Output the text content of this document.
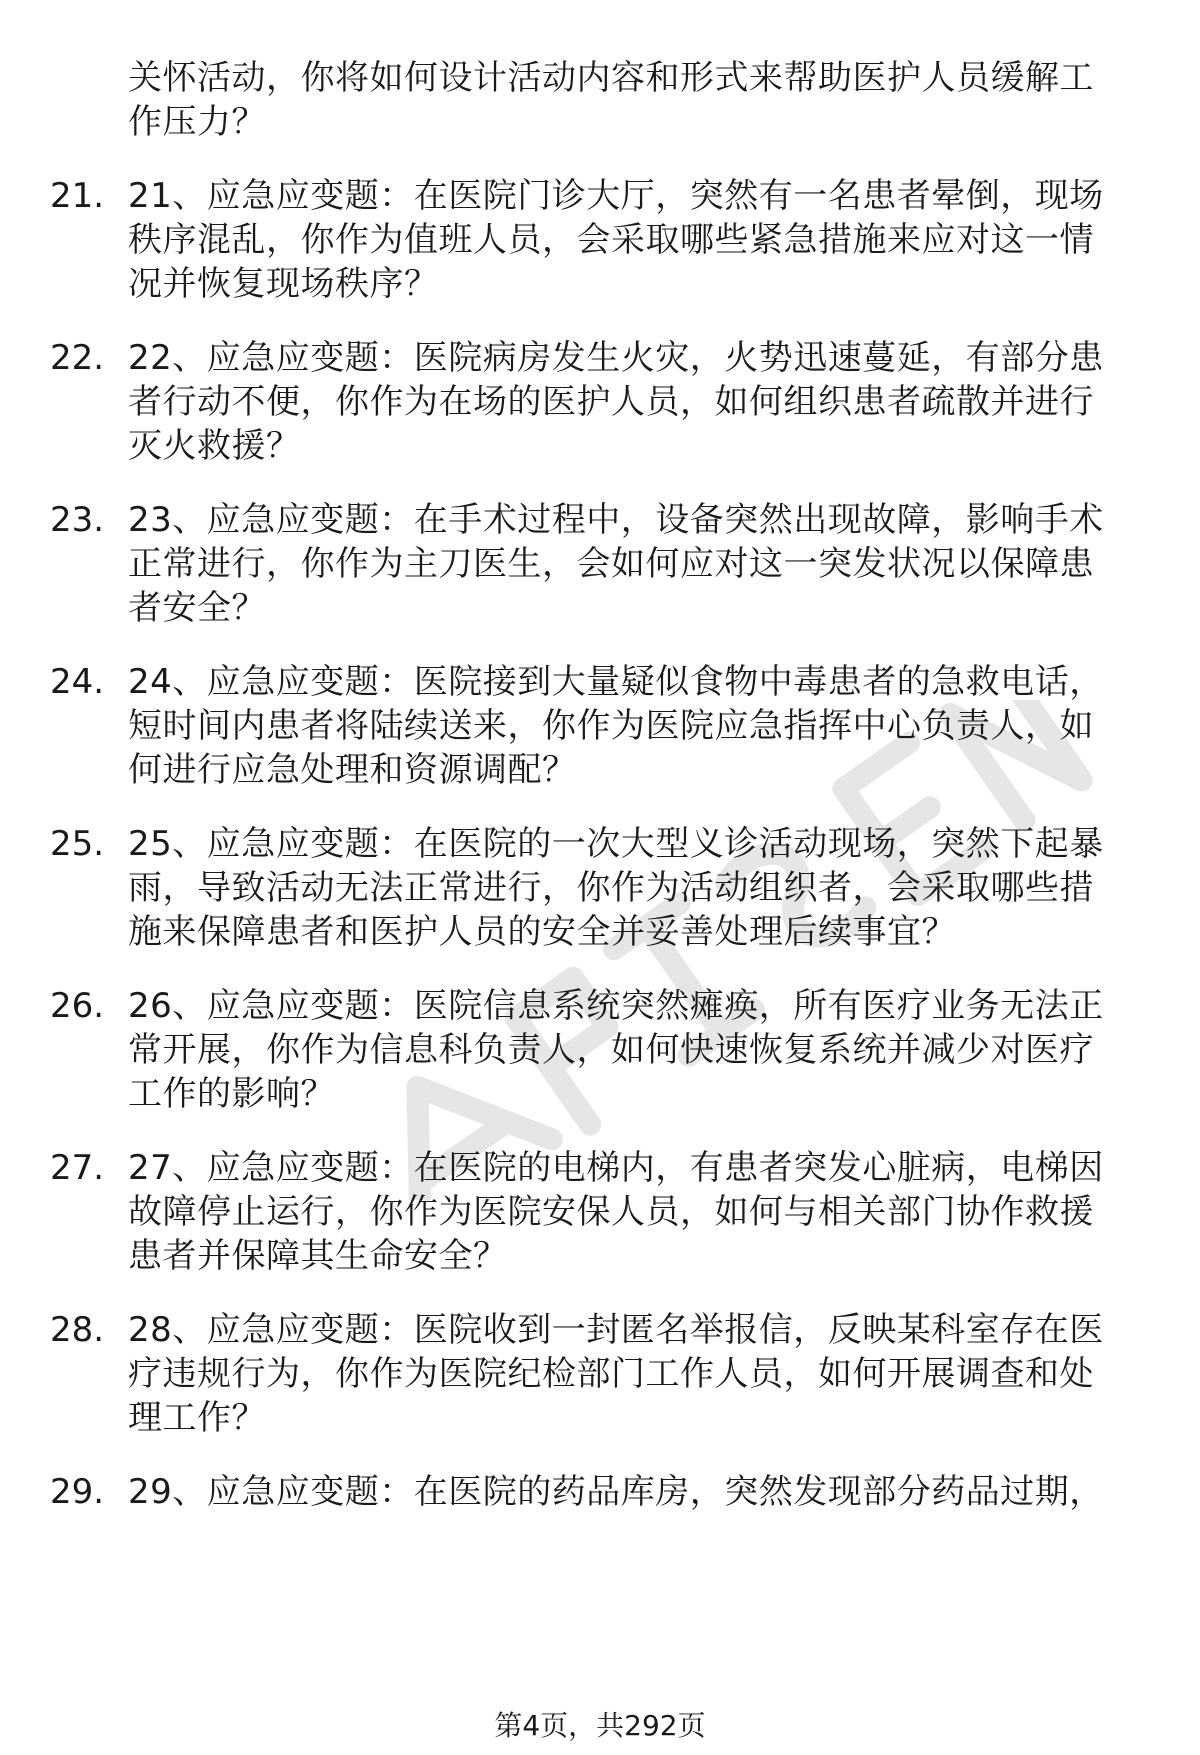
关怀活动，你将如何设计活动内容和形式来帮助医护人员缓解工
作压力？
21. 21、应急应变题：在医院门诊大厅，突然有一名患者晕倒，现场
秩序混乱，你作为值班人员，会采取哪些紧急措施来应对这一情
况并恢复现场秩序？
22. 22、应急应变题：医院病房发生火灾，火势迅速蔓延，有部分患
者行动不便，你作为在场的医护人员，如何组织患者疏散并进行
灭火救援？
23. 23、应急应变题：在手术过程中，设备突然出现故障，影响手术
正常进行，你作为主刀医生，会如何应对这一突发状况以保障患
者安全？
24. 24、应急应变题：医院接到大量疑似食物中毒患者的急救电话，
短时间内患者将陆续送来，你作为医院应急指挥中心负责人，如
何进行应急处理和资源调配？
25. 25、应急应变题：在医院的一次大型义诊活动现场，突然下起暴
雨，导致活动无法正常进行，你作为活动组织者，会采取哪些措
施来保障患者和医护人员的安全并妥善处理后续事宜？
26. 26、应急应变题：医院信息系统突然瘫痪，所有医疗业务无法正
常开展，你作为信息科负责人，如何快速恢复系统并减少对医疗
工作的影响？
27. 27、应急应变题：在医院的电梯内，有患者突发心脏病，电梯因
故障停止运行，你作为医院安保人员，如何与相关部门协作救援
患者并保障其生命安全？
28. 28、应急应变题：医院收到一封匿名举报信，反映某科室存在医
疗违规行为，你作为医院纪检部门工作人员，如何开展调查和处
理工作？
29. 29、应急应变题：在医院的药品库房，突然发现部分药品过期，
第4页，共292页
